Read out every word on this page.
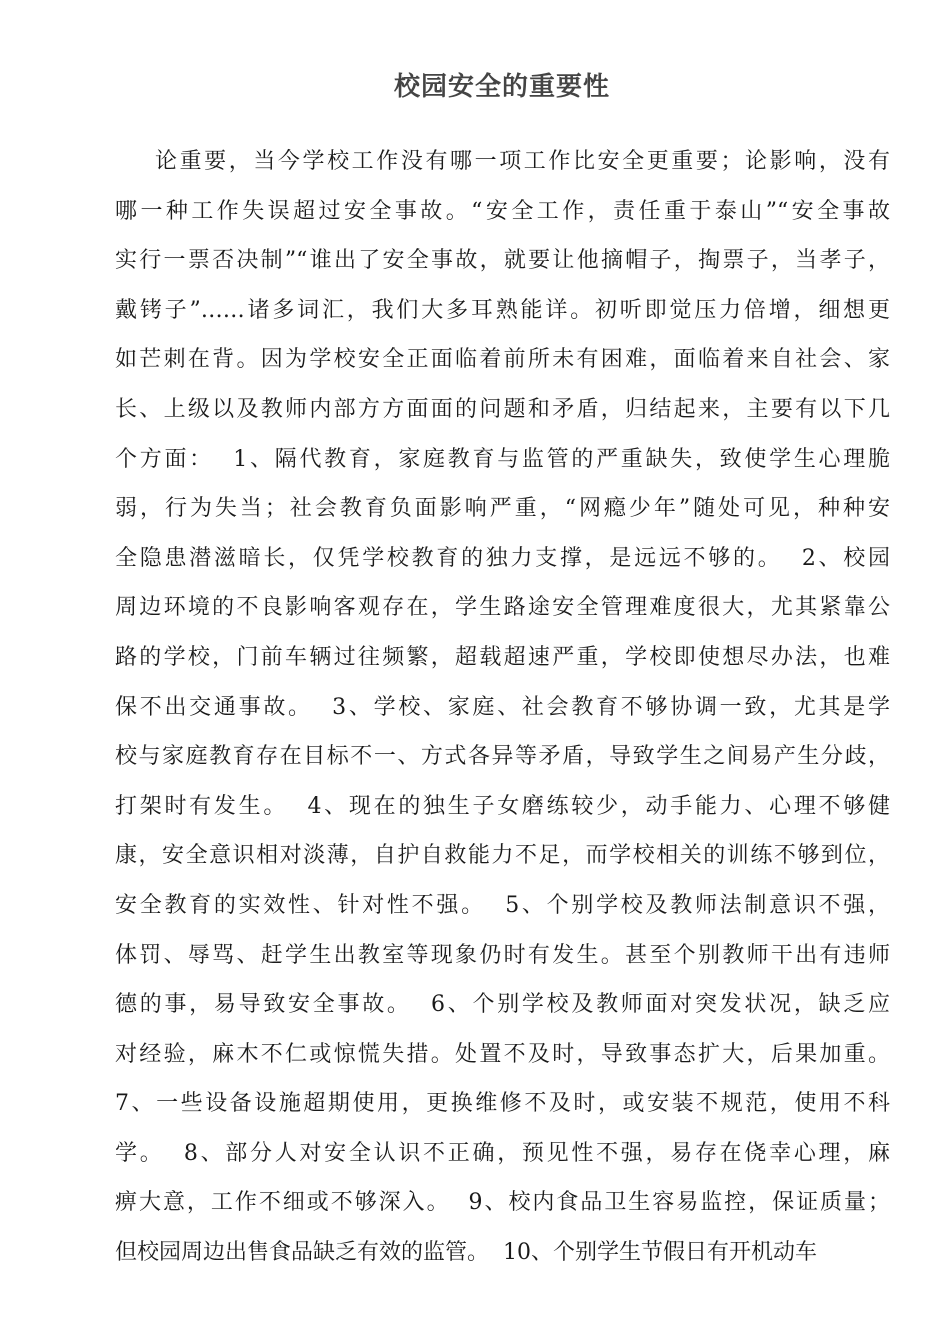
校园安全的重要性
论重要，当今学校工作没有哪一项工作比安全更重要；论影响，没有
哪一种工作失误超过安全事故。“安全工作，责任重于泰山”“安全事故
实行一票否决制”“谁出了安全事故，就要让他摘帽子，掏票子，当孝子，
戴铐子”……诸多词汇，我们大多耳熟能详。初听即觉压力倍增，细想更
如芒刺在背。因为学校安全正面临着前所未有困难，面临着来自社会、家
长、上级以及教师内部方方面面的问题和矛盾，归结起来，主要有以下几
个方面：  1、隔代教育，家庭教育与监管的严重缺失，致使学生心理脆
弱，行为失当；社会教育负面影响严重，“网瘾少年”随处可见，种种安
全隐患潜滋暗长，仅凭学校教育的独力支撑，是远远不够的。  2、校园
周边环境的不良影响客观存在，学生路途安全管理难度很大，尤其紧靠公
路的学校，门前车辆过往频繁，超载超速严重，学校即使想尽办法，也难
保不出交通事故。  3、学校、家庭、社会教育不够协调一致，尤其是学
校与家庭教育存在目标不一、方式各异等矛盾，导致学生之间易产生分歧，
打架时有发生。  4、现在的独生子女磨练较少，动手能力、心理不够健
康，安全意识相对淡薄，自护自救能力不足，而学校相关的训练不够到位，
安全教育的实效性、针对性不强。  5、个别学校及教师法制意识不强，
体罚、辱骂、赶学生出教室等现象仍时有发生。甚至个别教师干出有违师
德的事，易导致安全事故。  6、个别学校及教师面对突发状况，缺乏应
对经验，麻木不仁或惊慌失措。处置不及时，导致事态扩大，后果加重。
7、一些设备设施超期使用，更换维修不及时，或安装不规范，使用不科
学。  8、部分人对安全认识不正确，预见性不强，易存在侥幸心理，麻
痹大意，工作不细或不够深入。  9、校内食品卫生容易监控，保证质量；
但校园周边出售食品缺乏有效的监管。  10、个别学生节假日有开机动车
